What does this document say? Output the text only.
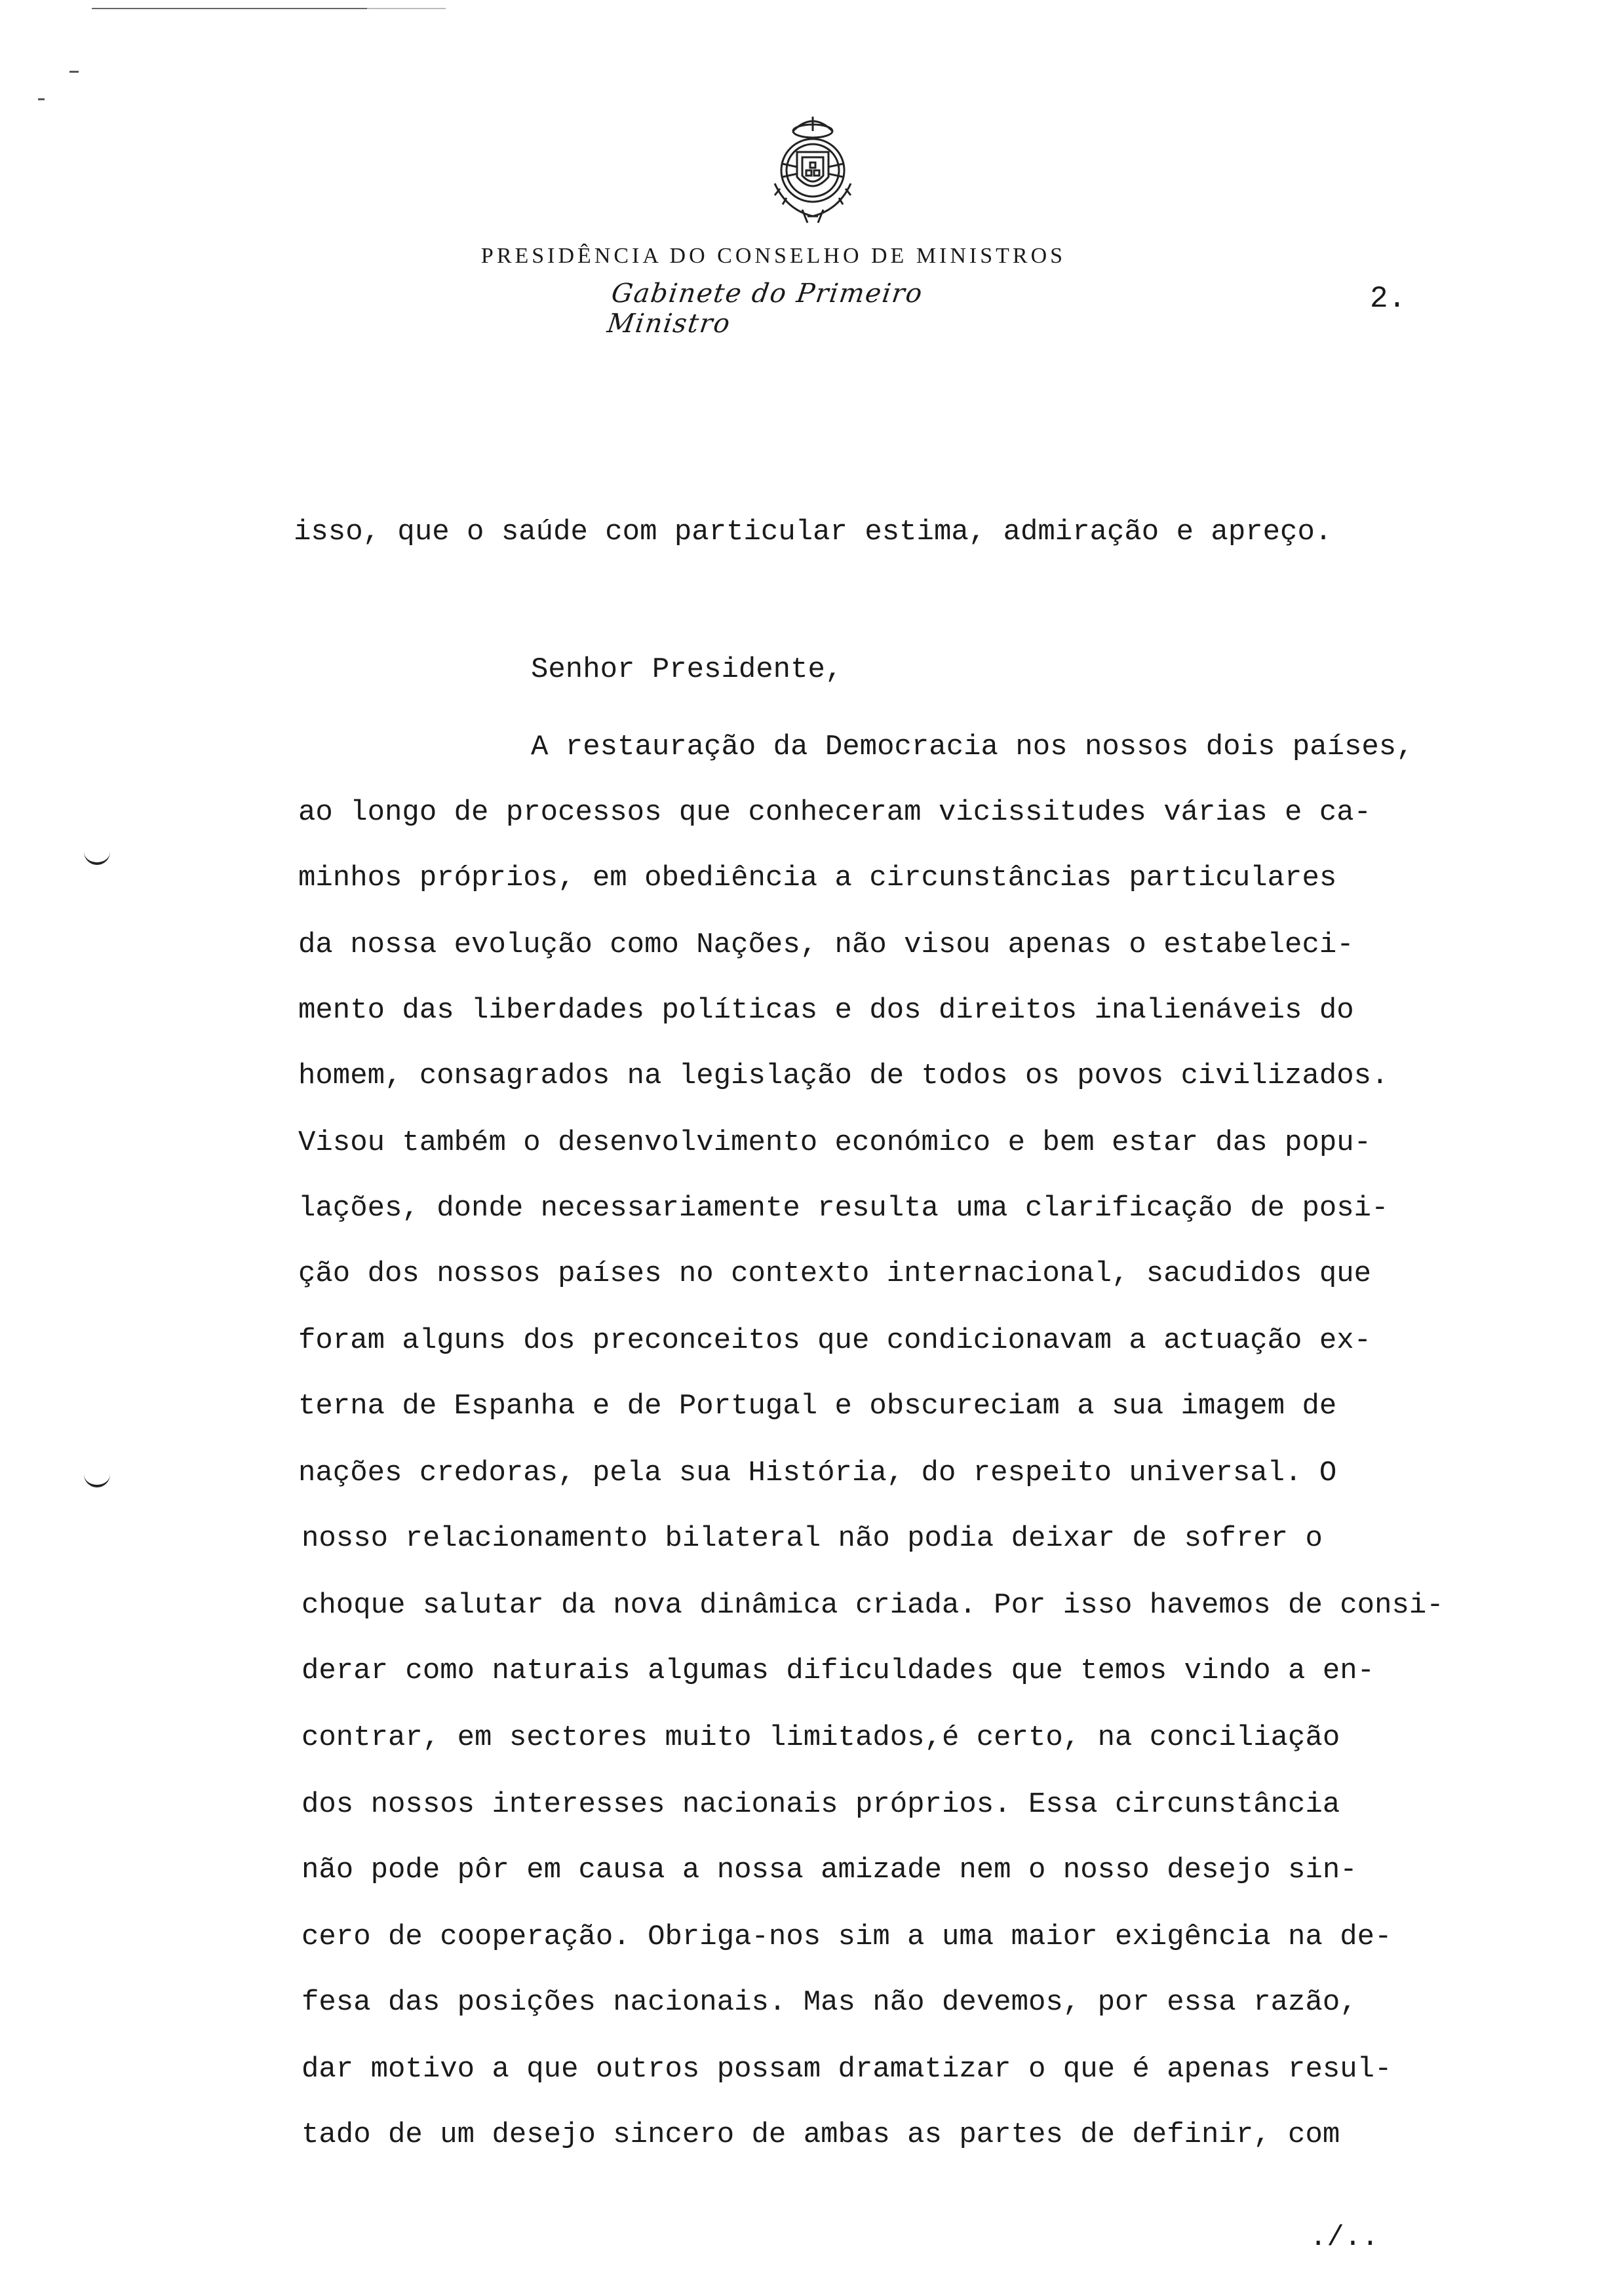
PRESIDÊNCIA DO CONSELHO DE MINISTROS
Gabinete do Primeiro Ministro
2.

isso, que o saúde com particular estima, admiração e apreço.

Senhor Presidente,

A restauração da Democracia nos nossos dois países,

ao longo de processos que conheceram vicissitudes várias e ca-

minhos próprios, em obediência a circunstâncias particulares

da nossa evolução como Nações, não visou apenas o estabeleci-

mento das liberdades políticas e dos direitos inalienáveis do

homem, consagrados na legislação de todos os povos civilizados.

Visou também o desenvolvimento económico e bem estar das popu-

lações, donde necessariamente resulta uma clarificação de posi-

ção dos nossos países no contexto internacional, sacudidos que

foram alguns dos preconceitos que condicionavam a actuação ex-

terna de Espanha e de Portugal e obscureciam a sua imagem de

nações credoras, pela sua História, do respeito universal. O

nosso relacionamento bilateral não podia deixar de sofrer o

choque salutar da nova dinâmica criada. Por isso havemos de consi-

derar como naturais algumas dificuldades que temos vindo a en-

contrar, em sectores muito limitados,é certo, na conciliação

dos nossos interesses nacionais próprios. Essa circunstância

não pode pôr em causa a nossa amizade nem o nosso desejo sin-

cero de cooperação. Obriga-nos sim a uma maior exigência na de-

fesa das posições nacionais. Mas não devemos, por essa razão,

dar motivo a que outros possam dramatizar o que é apenas resul-

tado de um desejo sincero de ambas as partes de definir, com

./..
